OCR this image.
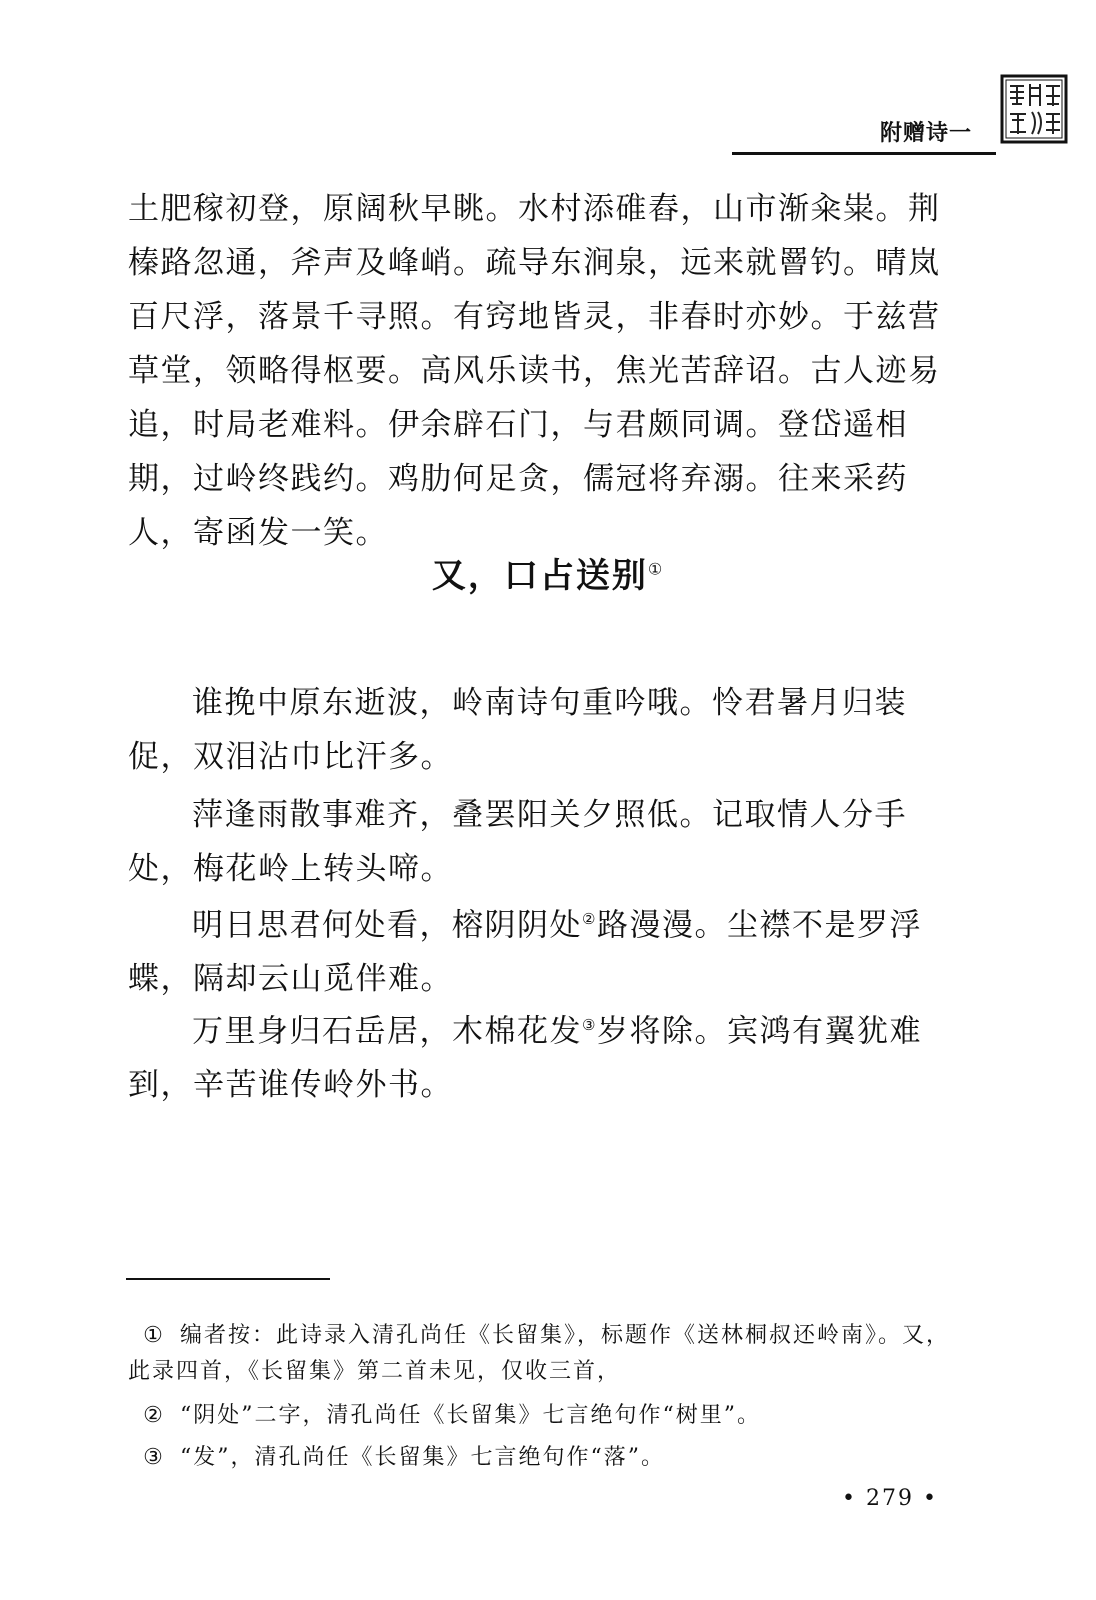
附赠诗一

土肥稼初登，原阔秋早眺。水村添碓舂，山市渐籴粜。荆榛路忽通，斧声及峰峭。疏导东涧泉，远来就罾钓。晴岚百尺浮，落景千寻照。有窍地皆灵，非春时亦妙。于兹营草堂，领略得枢要。高风乐读书，焦光苦辞诏。古人迹易追，时局老难料。伊余辟石门，与君颇同调。登岱遥相期，过岭终践约。鸡肋何足贪，儒冠将弃溺。往来采药人，寄函发一笑。

又，口占送别①

谁挽中原东逝波，岭南诗句重吟哦。怜君暑月归装促，双泪沾巾比汗多。

萍逢雨散事难齐，叠罢阳关夕照低。记取情人分手处，梅花岭上转头啼。

明日思君何处看，榕阴阴处②路漫漫。尘襟不是罗浮蝶，隔却云山觅伴难。

万里身归石岳居，木棉花发③岁将除。宾鸿有翼犹难到，辛苦谁传岭外书。

① 编者按：此诗录入清孔尚任《长留集》，标题作《送林桐叔还岭南》。又，此录四首，《长留集》第二首未见，仅收三首，

② “阴处”二字，清孔尚任《长留集》七言绝句作“树里”。

③ “发”，清孔尚任《长留集》七言绝句作“落”。

• 279 •
